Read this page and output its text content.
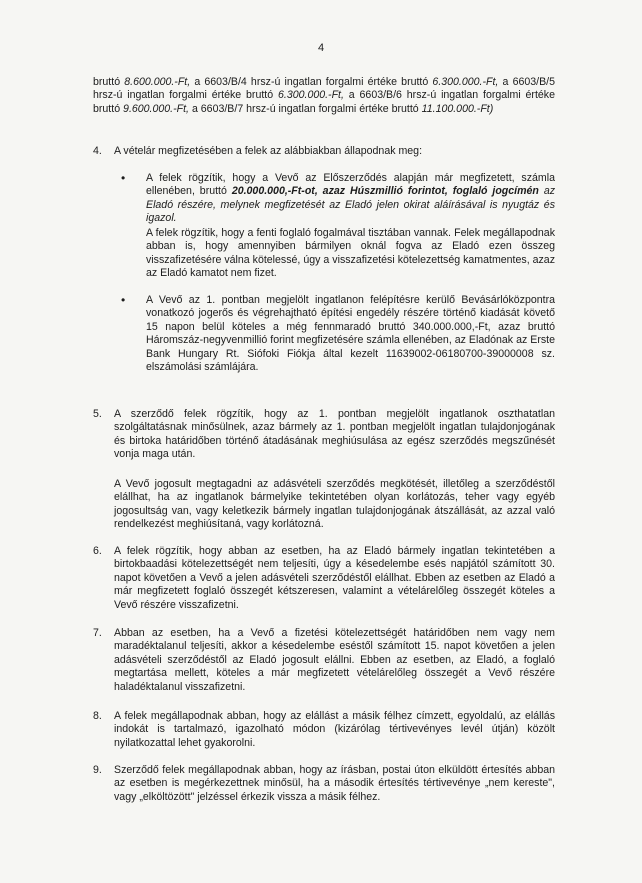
4
bruttó 8.600.000.-Ft, a 6603/B/4 hrsz-ú ingatlan forgalmi értéke bruttó 6.300.000.-Ft, a 6603/B/5 hrsz-ú ingatlan forgalmi értéke bruttó 6.300.000.-Ft, a 6603/B/6 hrsz-ú ingatlan forgalmi értéke bruttó 9.600.000.-Ft, a 6603/B/7 hrsz-ú ingatlan forgalmi értéke bruttó 11.100.000.-Ft)
4.	A vételár megfizetésében a felek az alábbiakban állapodnak meg:
•	A felek rögzítik, hogy a Vevő az Előszerződés alapján már megfizetett, számla ellenében, bruttó 20.000.000,-Ft-ot, azaz Húszmillió forintot, foglaló jogcímén az Eladó részére, melynek megfizetését az Eladó jelen okirat aláírásával is nyugtáz és igazol.
A felek rögzítik, hogy a fenti foglaló fogalmával tisztában vannak. Felek megállapodnak abban is, hogy amennyiben bármilyen oknál fogva az Eladó ezen összeg visszafizetésére válna kötelessé, úgy a visszafizetési kötelezettség kamatmentes, azaz az Eladó kamatot nem fizet.
•	A Vevő az 1. pontban megjelölt ingatlanon felépítésre kerülő Bevásárlóközpontra vonatkozó jogerős és végrehajtható építési engedély részére történő kiadását követő 15 napon belül köteles a még fennmaradó bruttó 340.000.000,-Ft, azaz bruttó Háromszáz-negyvenmillió forint megfizetésére számla ellenében, az Eladónak az Erste Bank Hungary Rt. Siófoki Fiókja által kezelt 11639002-06180700-39000008 sz. elszámolási számlájára.
5.	A szerződő felek rögzítik, hogy az 1. pontban megjelölt ingatlanok oszthatatlan szolgáltatásnak minősülnek, azaz bármely az 1. pontban megjelölt ingatlan tulajdonjogának és birtoka határidőben történő átadásának meghiúsulása az egész szerződés megszűnését vonja maga után.
A Vevő jogosult megtagadni az adásvételi szerződés megkötését, illetőleg a szerződéstől elállhat, ha az ingatlanok bármelyike tekintetében olyan korlátozás, teher vagy egyéb jogosultság van, vagy keletkezik bármely ingatlan tulajdonjogának átszállását, az azzal való rendelkezést meghiúsítaná, vagy korlátozná.
6.	A felek rögzítik, hogy abban az esetben, ha az Eladó bármely ingatlan tekintetében a birtokbaadási kötelezettségét nem teljesíti, úgy a késedelembe esés napjától számított 30. napot követően a Vevő a jelen adásvételi szerződéstől elállhat. Ebben az esetben az Eladó a már megfizetett foglaló összegét kétszeresen, valamint a vételárelőleg összegét köteles a Vevő részére visszafizetni.
7.	Abban az esetben, ha a Vevő a fizetési kötelezettségét határidőben nem vagy nem maradéktalanul teljesíti, akkor a késedelembe eséstől számított 15. napot követően a jelen adásvételi szerződéstől az Eladó jogosult elállni. Ebben az esetben, az Eladó, a foglaló megtartása mellett, köteles a már megfizetett vételárelőleg összegét a Vevő részére haladéktalanul visszafizetni.
8.	A felek megállapodnak abban, hogy az elállást a másik félhez címzett, egyoldalú, az elállás indokát is tartalmazó, igazolható módon (kizárólag tértivevényes levél útján) közölt nyilatkozattal lehet gyakorolni.
9.	Szerződő felek megállapodnak abban, hogy az írásban, postai úton elküldött értesítés abban az esetben is megérkezettnek minősül, ha a második értesítés tértivevénye „nem kereste", vagy „elköltözött" jelzéssel érkezik vissza a másik félhez.
